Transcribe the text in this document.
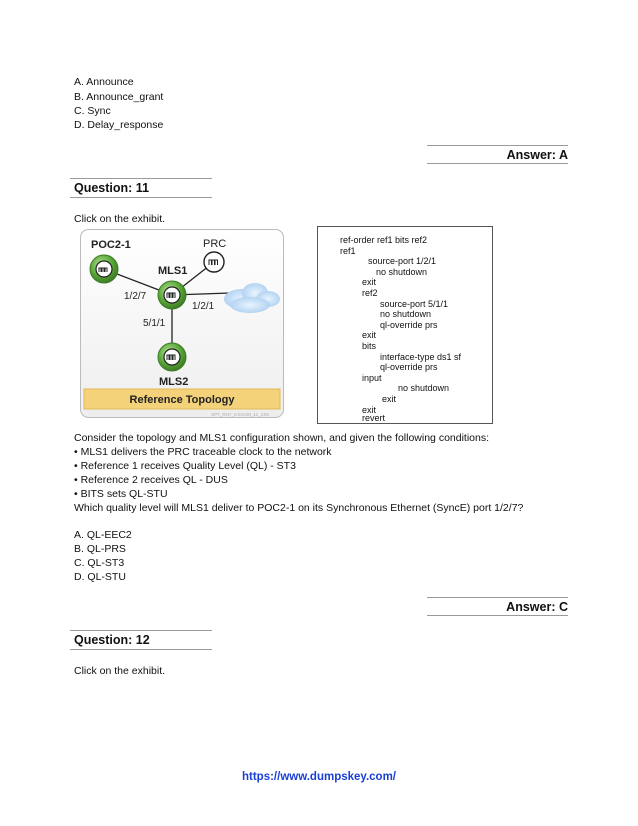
A. Announce
B. Announce_grant
C. Sync
D. Delay_response
Answer: A
Question: 11
Click on the exhibit.
POC2-1	PRC
MLS1
MLS2
1/2/7
1/2/1
5/1/1
Reference Topology
SPT_RH7_S EXAM_11_C03
ref-order ref1 bits ref2
ref1
source-port 1/2/1
no shutdown
exit
ref2
source-port 5/1/1
no shutdown
ql-override prs
exit
bits
interface-type ds1 sf
ql-override prs
input
no shutdown
exit
exit
revert
Consider the topology and MLS1 configuration shown, and given the following conditions:
• MLS1 delivers the PRC traceable clock to the network
• Reference 1 receives Quality Level (QL) - ST3
• Reference 2 receives QL - DUS
• BITS sets QL-STU
Which quality level will MLS1 deliver to POC2-1 on its Synchronous Ethernet (SyncE) port 1/2/7?
A. QL-EEC2
B. QL-PRS
C. QL-ST3
D. QL-STU
Answer: C
Question: 12
Click on the exhibit.
https://www.dumpskey.com/
